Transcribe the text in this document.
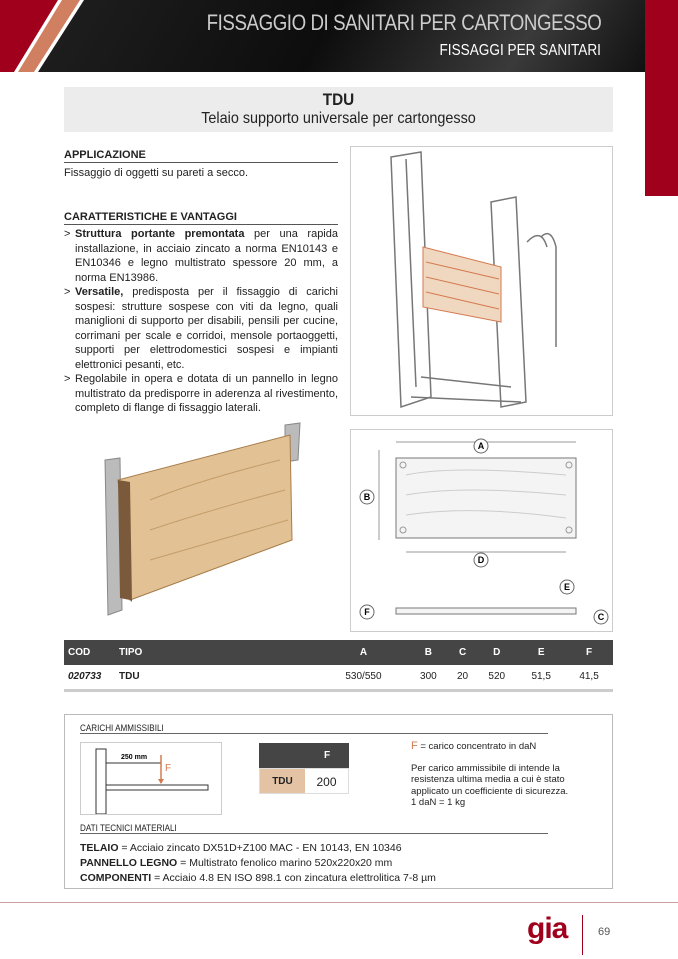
FISSAGGIO DI SANITARI PER CARTONGESSO
FISSAGGI PER SANITARI
TDU
Telaio supporto universale per cartongesso
APPLICAZIONE
Fissaggio di oggetti su pareti a secco.
CARATTERISTICHE E VANTAGGI
> Struttura portante premontata per una rapida installazione, in acciaio zincato a norma EN10143 e EN10346 e legno multistrato spessore 20 mm, a norma EN13986.
> Versatile, predisposta per il fissaggio di carichi sospesi: strutture sospese con viti da legno, quali maniglioni di supporto per disabili, pensili per cucine, corrimani per scale e corridoi, mensole portaoggetti, supporti per elettrodomestici sospesi e impianti elettronici pesanti, etc.
> Regolabile in opera e dotata di un pannello in legno multistrato da predisporre in aderenza al rivestimento, completo di flange di fissaggio laterali.
A
B
D
E
F	C
COD	TIPO	A	B	C	D	E	F
020733	TDU	530/550	300	20	520	51,5	41,5
CARICHI AMMISSIBILI
250 mm
F
F
TDU	200
F = carico concentrato in daN
Per carico ammissibile di intende la resistenza ultima media a cui è stato applicato un coefficiente di sicurezza.
1 daN = 1 kg
DATI TECNICI MATERIALI
TELAIO = Acciaio zincato DX51D+Z100 MAC - EN 10143, EN 10346
PANNELLO LEGNO = Multistrato fenolico marino 520x220x20 mm
COMPONENTI = Acciaio 4.8 EN ISO 898.1 con zincatura elettrolitica 7-8 µm
gia	69
